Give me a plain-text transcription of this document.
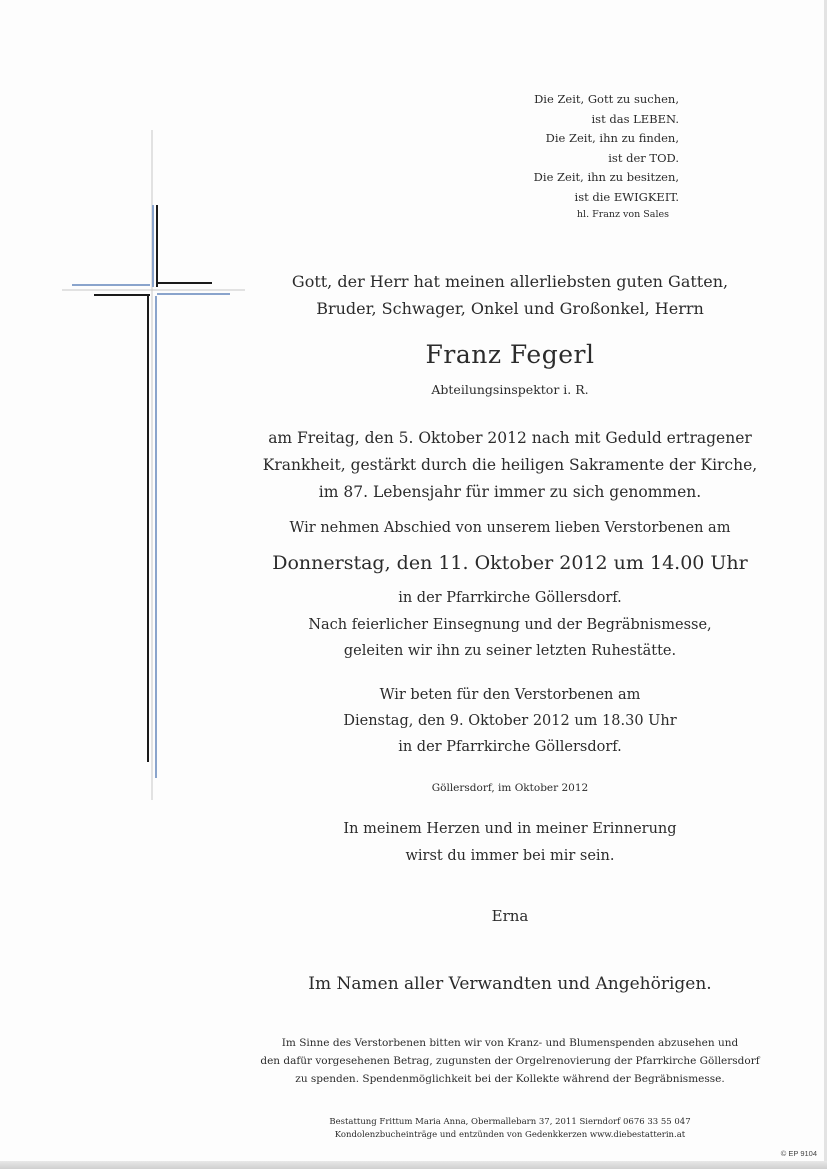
Die Zeit, Gott zu suchen,
ist das LEBEN.
Die Zeit, ihn zu finden,
ist der TOD.
Die Zeit, ihn zu besitzen,
ist die EWIGKEIT.
hl. Franz von Sales
Gott, der Herr hat meinen allerliebsten guten Gatten,
Bruder, Schwager, Onkel und Großonkel, Herrn
Franz Fegerl
Abteilungsinspektor i. R.
am Freitag, den 5. Oktober 2012 nach mit Geduld ertragener
Krankheit, gestärkt durch die heiligen Sakramente der Kirche,
im 87. Lebensjahr für immer zu sich genommen.
Wir nehmen Abschied von unserem lieben Verstorbenen am
Donnerstag, den 11. Oktober 2012 um 14.00 Uhr
in der Pfarrkirche Göllersdorf.
Nach feierlicher Einsegnung und der Begräbnismesse,
geleiten wir ihn zu seiner letzten Ruhestätte.
Wir beten für den Verstorbenen am
Dienstag, den 9. Oktober 2012 um 18.30 Uhr
in der Pfarrkirche Göllersdorf.
Göllersdorf, im Oktober 2012
In meinem Herzen und in meiner Erinnerung
wirst du immer bei mir sein.
Erna
Im Namen aller Verwandten und Angehörigen.
Im Sinne des Verstorbenen bitten wir von Kranz- und Blumenspenden abzusehen und
den dafür vorgesehenen Betrag, zugunsten der Orgelrenovierung der Pfarrkirche Göllersdorf
zu spenden. Spendenmöglichkeit bei der Kollekte während der Begräbnismesse.
Bestattung Frittum Maria Anna, Obermallebarn 37, 2011 Sierndorf 0676 33 55 047
Kondolenzbucheinträge und entzünden von Gedenkkerzen www.diebestatterin.at
© EP 9104
